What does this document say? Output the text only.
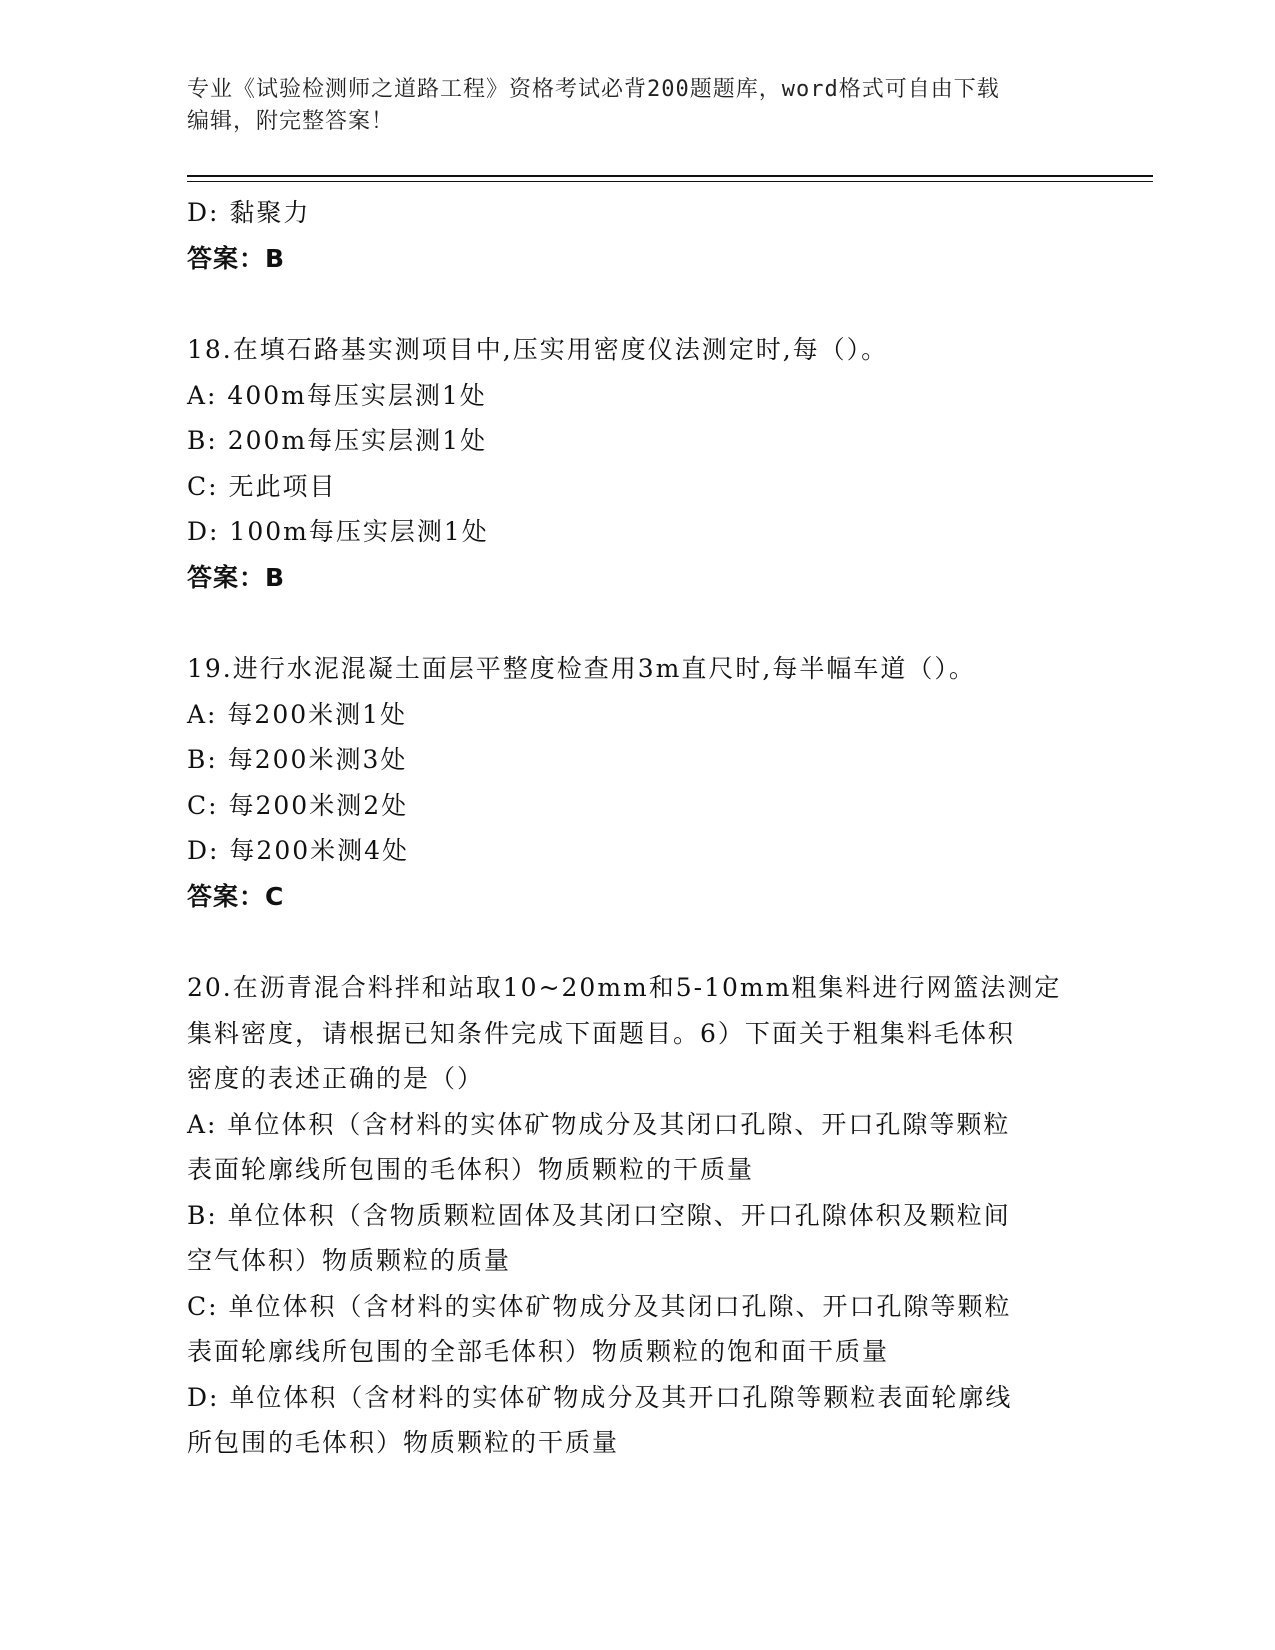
专业《试验检测师之道路工程》资格考试必背200题题库，word格式可自由下载
编辑，附完整答案！
D: 黏聚力
答案：B
18.在填石路基实测项目中,压实用密度仪法测定时,每（）。
A: 400m每压实层测1处
B: 200m每压实层测1处
C: 无此项目
D: 100m每压实层测1处
答案：B
19.进行水泥混凝土面层平整度检查用3m直尺时,每半幅车道（）。
A: 每200米测1处
B: 每200米测3处
C: 每200米测2处
D: 每200米测4处
答案：C
20.在沥青混合料拌和站取10~20mm和5-10mm粗集料进行网篮法测定
集料密度，请根据已知条件完成下面题目。6）下面关于粗集料毛体积
密度的表述正确的是（）
A: 单位体积（含材料的实体矿物成分及其闭口孔隙、开口孔隙等颗粒
表面轮廓线所包围的毛体积）物质颗粒的干质量
B: 单位体积（含物质颗粒固体及其闭口空隙、开口孔隙体积及颗粒间
空气体积）物质颗粒的质量
C: 单位体积（含材料的实体矿物成分及其闭口孔隙、开口孔隙等颗粒
表面轮廓线所包围的全部毛体积）物质颗粒的饱和面干质量
D: 单位体积（含材料的实体矿物成分及其开口孔隙等颗粒表面轮廓线
所包围的毛体积）物质颗粒的干质量
